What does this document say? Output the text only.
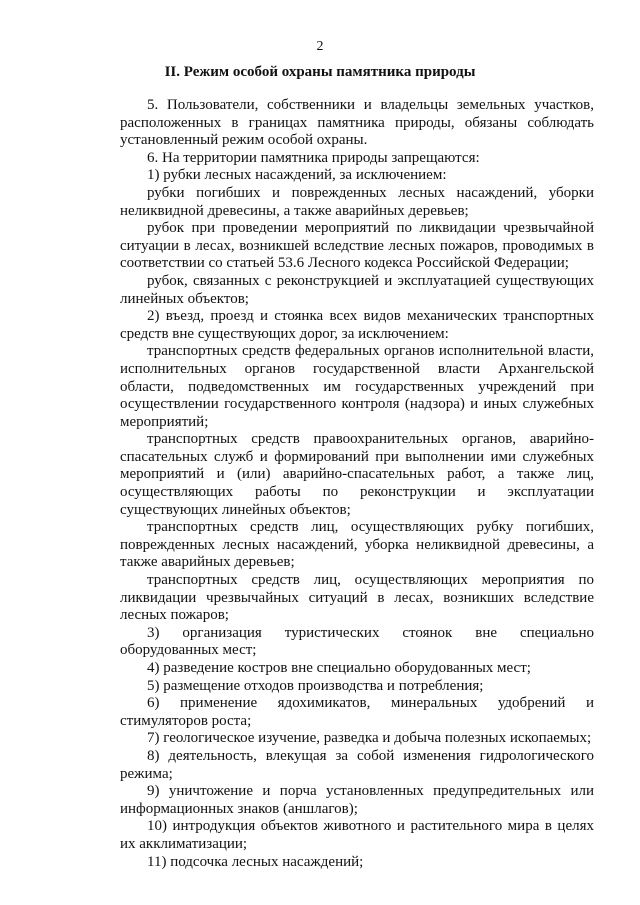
2
II. Режим особой охраны памятника природы

5. Пользователи, собственники и владельцы земельных участков, расположенных в границах памятника природы, обязаны соблюдать установленный режим особой охраны.

6. На территории памятника природы запрещаются:

1) рубки лесных насаждений, за исключением:

рубки погибших и поврежденных лесных насаждений, уборки неликвидной древесины, а также аварийных деревьев;

рубок при проведении мероприятий по ликвидации чрезвычайной ситуации в лесах, возникшей вследствие лесных пожаров, проводимых в соответствии со статьей 53.6 Лесного кодекса Российской Федерации;

рубок, связанных с реконструкцией и эксплуатацией существующих линейных объектов;

2) въезд, проезд и стоянка всех видов механических транспортных средств вне существующих дорог, за исключением:

транспортных средств федеральных органов исполнительной власти, исполнительных органов государственной власти Архангельской области, подведомственных им государственных учреждений при осуществлении государственного контроля (надзора) и иных служебных мероприятий;

транспортных средств правоохранительных органов, аварийно-спасательных служб и формирований при выполнении ими служебных мероприятий и (или) аварийно-спасательных работ, а также лиц, осуществляющих работы по реконструкции и эксплуатации существующих линейных объектов;

транспортных средств лиц, осуществляющих рубку погибших, поврежденных лесных насаждений, уборка неликвидной древесины, а также аварийных деревьев;

транспортных средств лиц, осуществляющих мероприятия по ликвидации чрезвычайных ситуаций в лесах, возникших вследствие лесных пожаров;

3) организация туристических стоянок вне специально оборудованных мест;

4) разведение костров вне специально оборудованных мест;

5) размещение отходов производства и потребления;

6) применение ядохимикатов, минеральных удобрений и стимуляторов роста;

7) геологическое изучение, разведка и добыча полезных ископаемых;

8) деятельность, влекущая за собой изменения гидрологического режима;

9) уничтожение и порча установленных предупредительных или информационных знаков (аншлагов);

10) интродукция объектов животного и растительного мира в целях их акклиматизации;

11) подсочка лесных насаждений;
